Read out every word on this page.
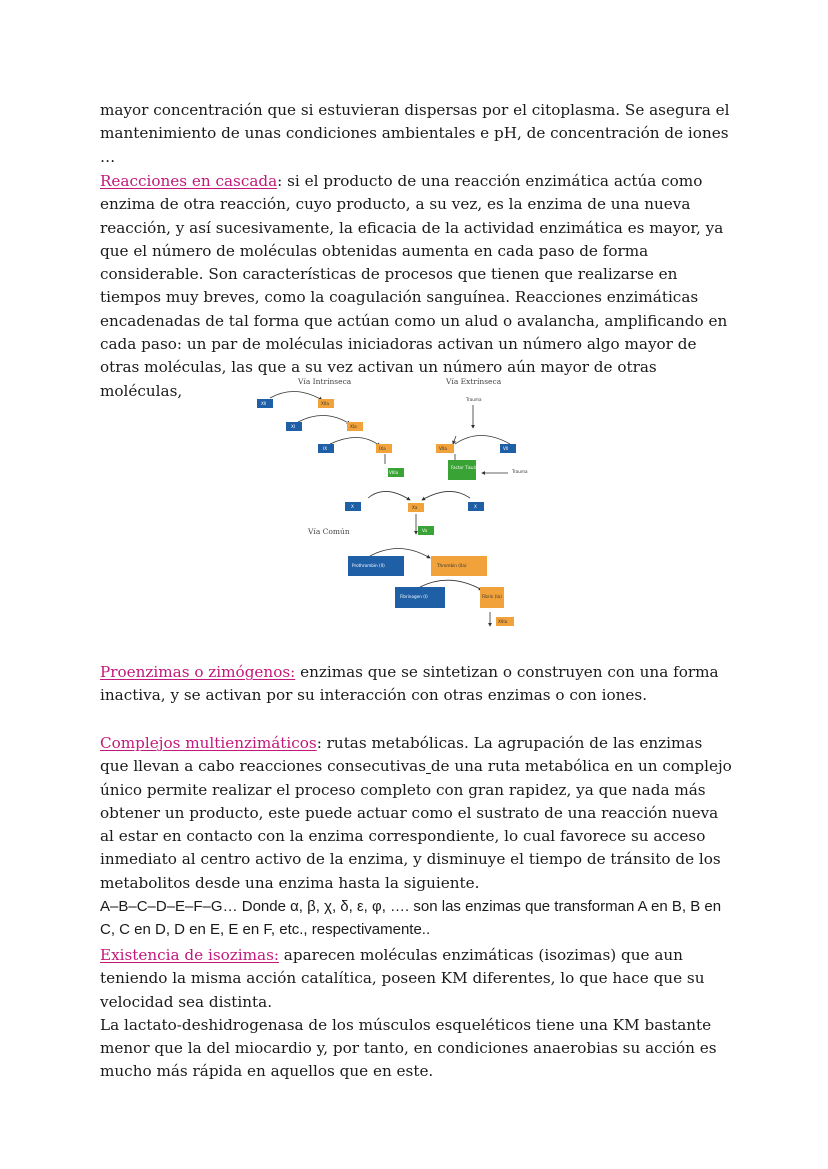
mayor concentración que si estuvieran dispersas por el citoplasma. Se asegura el

mantenimiento de unas condiciones ambientales e pH, de concentración de iones …

Reacciones en cascada: si el producto de una reacción enzimática actúa como enzima de otra reacción, cuyo producto, a su vez, es la enzima de una nueva reacción, y así sucesivamente, la eficacia de la actividad enzimática es mayor, ya que el número de moléculas obtenidas aumenta en cada paso de forma considerable. Son características de procesos que tienen que realizarse en tiempos muy breves, como la coagulación sanguínea. Reacciones enzimáticas encadenadas de tal forma que actúan como un alud o avalancha, amplificando en cada paso: un par de moléculas iniciadoras activan un número algo mayor de otras moléculas, las que a su vez activan un número aún mayor de otras moléculas,

Vía Intrínseca	Vía Extrínseca
Vía Común
Trauma
Trauma
XII	XIIa
XI	XIa
IX	IXa
VIIIa
VIIa	VII
Factor Tisular
X	Xa	X
Va
Prothrombin (II)	Thrombin (IIa)
Fibrinogen (I)	Fibrin (Ia)
XIIIa

Proenzimas o zimógenos: enzimas que se sintetizan o construyen con una forma inactiva, y se activan por su interacción con otras enzimas o con iones.

Complejos multienzimáticos: rutas metabólicas. La agrupación de las enzimas que llevan a cabo reacciones consecutivas de una ruta metabólica en un complejo único permite realizar el proceso completo con gran rapidez, ya que nada más obtener un producto, este puede actuar como el sustrato de una reacción nueva al estar en contacto con la enzima correspondiente, lo cual favorece su acceso inmediato al centro activo de la enzima, y disminuye el tiempo de tránsito de los metabolitos desde una enzima hasta la siguiente.

A–B–C–D–E–F–G… Donde α, β, χ, δ, ε, φ, …. son las enzimas que transforman A en B, B en C, C en D, D en E, E en F, etc., respectivamente..

Existencia de isozimas: aparecen moléculas enzimáticas (isozimas) que aun teniendo la misma acción catalítica, poseen KM diferentes, lo que hace que su velocidad sea distinta.

La lactato-deshidrogenasa de los músculos esqueléticos tiene una KM bastante menor que la del miocardio y, por tanto, en condiciones anaerobias su acción es mucho más rápida en aquellos que en este.
